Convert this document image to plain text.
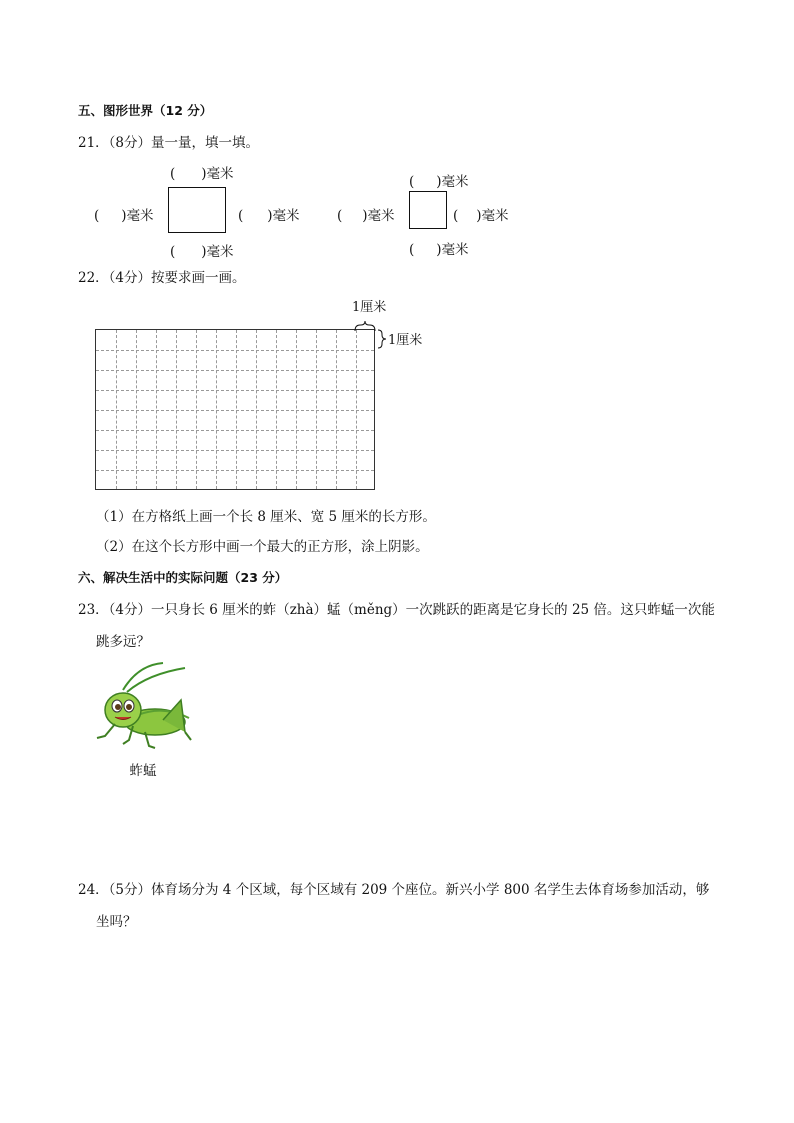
五、图形世界（12 分）
21．（8分）量一量，填一填。
( )毫米
( )毫米	( )毫米
( )毫米
( )毫米
( )毫米	( )毫米
( )毫米
22．（4分）按要求画一画。
1厘米
1厘米
（1）在方格纸上画一个长 8 厘米、宽 5 厘米的长方形。
（2）在这个长方形中画一个最大的正方形，涂上阴影。
六、解决生活中的实际问题（23 分）
23．（4分）一只身长 6 厘米的蚱（zhà）蜢（měng）一次跳跃的距离是它身长的 25 倍。这只蚱蜢一次能
跳多远？
蚱蜢
24．（5分）体育场分为 4 个区域，每个区域有 209 个座位。新兴小学 800 名学生去体育场参加活动，够
坐吗？
